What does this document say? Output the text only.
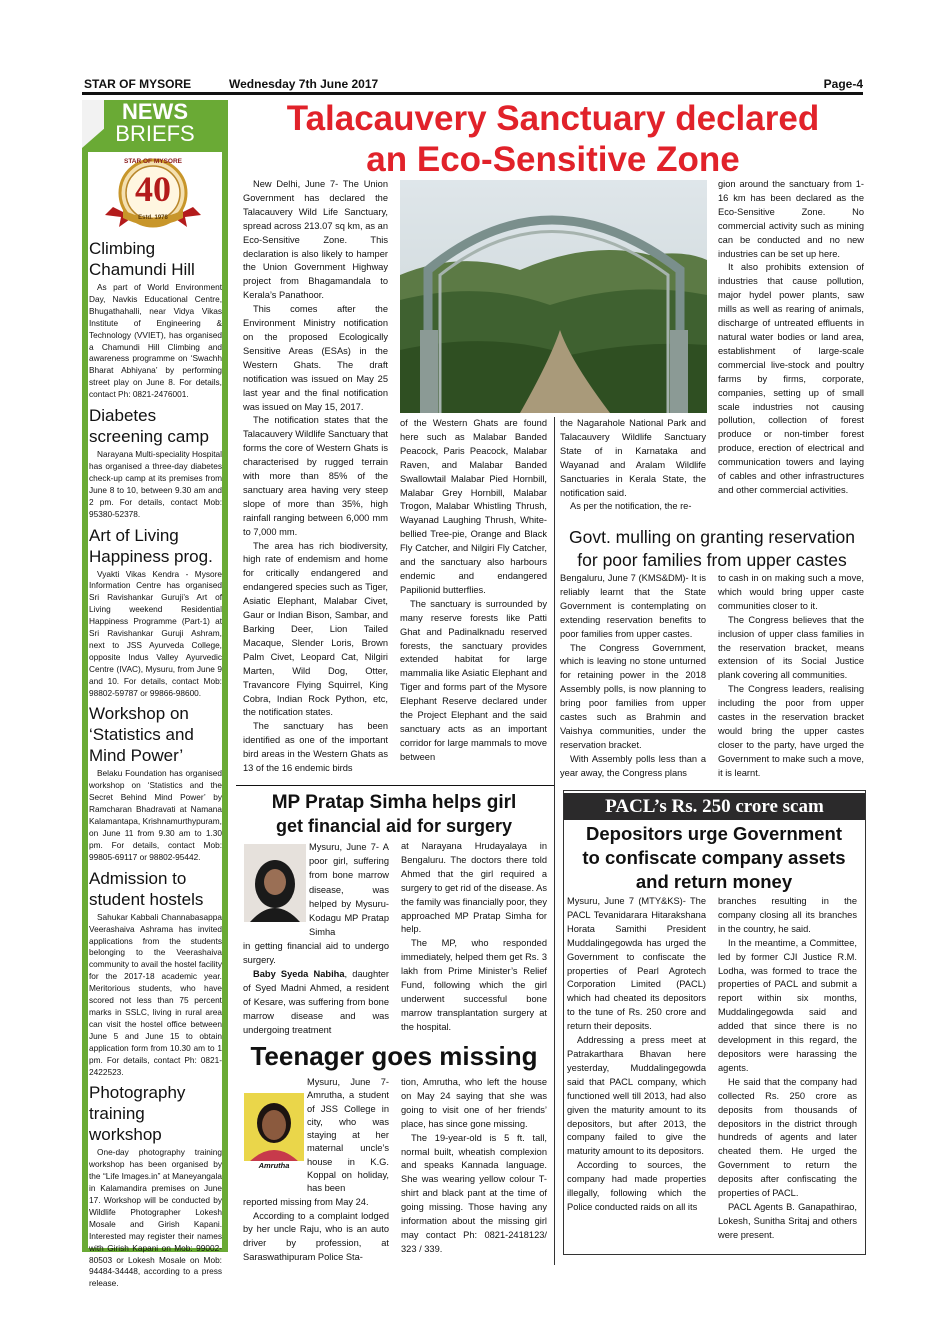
STAR OF MYSORE	Wednesday 7th June 2017	Page-4
NEWS
BRIEFS
STAR OF MYSORE
40
Estd. 1978
Climbing Chamundi Hill

As part of World Environment Day, Navkis Educational Centre, Bhugathahalli, near Vidya Vikas Institute of Engineering & Technology (VVIET), has organised a Chamundi Hill Climbing and awareness programme on ‘Swachh Bharat Abhiyana’ by performing street play on June 8. For details, contact Ph: 0821-2476001.

Diabetes screening camp

Narayana Multi-speciality Hospital has organised a three-day diabetes check-up camp at its premises from June 8 to 10, between 9.30 am and 2 pm. For details, contact Mob: 95380-52378.

Art of Living Happiness prog.

Vyakti Vikas Kendra - Mysore Information Centre has organised Sri Ravishankar Guruji’s Art of Living weekend Residential Happiness Programme (Part-1) at Sri Ravishankar Guruji Ashram, next to JSS Ayurveda College, opposite Indus Valley Ayurvedic Centre (IVAC), Mysuru, from June 9 and 10. For details, contact Mob: 98802-59787 or 99866-98600.

Workshop on ‘Statistics and Mind Power’

Belaku Foundation has organised workshop on ‘Statistics and the Secret Behind Mind Power’ by Ramcharan Bhadravati at Namana Kalamantapa, Krishnamurthypuram, on June 11 from 9.30 am to 1.30 pm. For details, contact Mob: 99805-69117 or 98802-95442.

Admission to student hostels

Sahukar Kabbali Channabasappa Veerashaiva Ashrama has invited applications from the students belonging to the Veerashaiva community to avail the hostel facility for the 2017-18 academic year. Meritorious students, who have scored not less than 75 percent marks in SSLC, living in rural area can visit the hostel office between June 5 and June 15 to obtain application form from 10.30 am to 1 pm. For details, contact Ph: 0821-2422523.

Photography training workshop

One-day photography training workshop has been organised by the “Life Images.in” at Maneyangala in Kalamandira premises on June 17. Workshop will be conducted by Wildlife Photographer Lokesh Mosale and Girish Kapani. Interested may register their names with Girish Kapani on Mob: 99002-80503 or Lokesh Mosale on Mob: 94484-34448, according to a press release.

Talacauvery Sanctuary declared
an Eco-Sensitive Zone

New Delhi, June 7- The Union Government has declared the Talacauvery Wild Life Sanctuary, spread across 213.07 sq km, as an Eco-Sensitive Zone. This declaration is also likely to hamper the Union Government Highway project from Bhagamandala to Kerala’s Panathoor.

This comes after the Environment Ministry notification on the proposed Ecologically Sensitive Areas (ESAs) in the Western Ghats. The draft notification was issued on May 25 last year and the final notification was issued on May 15, 2017.

The notification states that the Talacauvery Wildlife Sanctuary that forms the core of Western Ghats is characterised by rugged terrain with more than 85% of the sanctuary area having very steep slope of more than 35%, high rainfall ranging between 6,000 mm to 7,000 mm.

The area has rich biodiversity, high rate of endemism and home for critically endangered and endangered species such as Tiger, Asiatic Elephant, Malabar Civet, Gaur or Indian Bison, Sambar, and Barking Deer, Lion Tailed Macaque, Slender Loris, Brown Palm Civet, Leopard Cat, Nilgiri Marten, Wild Dog, Otter, Travancore Flying Squirrel, King Cobra, Indian Rock Python, etc, the notification states.

The sanctuary has been identified as one of the important bird areas in the Western Ghats as 13 of the 16 endemic birds

of the Western Ghats are found here such as Malabar Banded Peacock, Paris Peacock, Malabar Raven, and Malabar Banded Swallowtail Malabar Pied Hornbill, Malabar Grey Hornbill, Malabar Trogon, Malabar Whistling Thrush, Wayanad Laughing Thrush, White-bellied Tree-pie, Orange and Black Fly Catcher, and Nilgiri Fly Catcher, and the sanctuary also harbours endemic and endangered Papilionid butterflies.

The sanctuary is surrounded by many reserve forests like Patti Ghat and Padinalknadu reserved forests, the sanctuary provides extended habitat for large mammalia like Asiatic Elephant and Tiger and forms part of the Mysore Elephant Reserve declared under the Project Elephant and the said sanctuary acts as an important corridor for large mammals to move between

the Nagarahole National Park and Talacauvery Wildlife Sanctuary State of in Karnataka and Wayanad and Aralam Wildlife Sanctuaries in Kerala State, the notification said.

As per the notification, the re-

gion around the sanctuary from 1-16 km has been declared as the Eco-Sensitive Zone. No commercial activity such as mining can be conducted and no new industries can be set up here.

It also prohibits extension of industries that cause pollution, major hydel power plants, saw mills as well as rearing of animals, discharge of untreated effluents in natural water bodies or land area, establishment of large-scale commercial live-stock and poultry farms by firms, corporate, companies, setting up of small scale industries not causing pollution, collection of forest produce or non-timber forest produce, erection of electrical and communication towers and laying of cables and other infrastructures and other commercial activities.

Govt. mulling on granting reservation
for poor families from upper castes

Bengaluru, June 7 (KMS&DM)- It is reliably learnt that the State Government is contemplating on extending reservation benefits to poor families from upper castes.

The Congress Government, which is leaving no stone unturned for retaining power in the 2018 Assembly polls, is now planning to bring poor families from upper castes such as Brahmin and Vaishya communities, under the reservation bracket.

With Assembly polls less than a year away, the Congress plans

to cash in on making such a move, which would bring upper caste communities closer to it.

The Congress believes that the inclusion of upper class families in the reservation bracket, means extension of its Social Justice plank covering all communities.

The Congress leaders, realising including the poor from upper castes in the reservation bracket would bring the upper castes closer to the party, have urged the Government to make such a move, it is learnt.

MP Pratap Simha helps girl
get financial aid for surgery

Mysuru, June 7- A poor girl, suffering from bone marrow disease, was helped by Mysuru-Kodagu MP Pratap Simha

in getting financial aid to undergo surgery.

Baby Syeda Nabiha, daughter of Syed Madni Ahmed, a resident of Kesare, was suffering from bone marrow disease and was undergoing treatment

at Narayana Hrudayalaya in Bengaluru. The doctors there told Ahmed that the girl required a surgery to get rid of the disease. As the family was financially poor, they approached MP Pratap Simha for help.

The MP, who responded immediately, helped them get Rs. 3 lakh from Prime Minister’s Relief Fund, following which the girl underwent successful bone marrow transplantation surgery at the hospital.

Teenager goes missing
Amrutha

Mysuru, June 7- Amrutha, a student of JSS College in city, who was staying at her maternal uncle’s house in K.G. Koppal on holiday, has been

reported missing from May 24.

According to a complaint lodged by her uncle Raju, who is an auto driver by profession, at Saraswathipuram Police Sta-

tion, Amrutha, who left the house on May 24 saying that she was going to visit one of her friends’ place, has since gone missing.

The 19-year-old is 5 ft. tall, normal built, wheatish complexion and speaks Kannada language. She was wearing yellow colour T-shirt and black pant at the time of going missing. Those having any information about the missing girl may contact Ph: 0821-2418123/ 323 / 339.

PACL’s Rs. 250 crore scam
Depositors urge Government
to confiscate company assets
and return money

Mysuru, June 7 (MTY&KS)- The PACL Tevanidarara Hitarakshana Horata Samithi President Muddalingegowda has urged the Government to confiscate the properties of Pearl Agrotech Corporation Limited (PACL) which had cheated its depositors to the tune of Rs. 250 crore and return their deposits.

Addressing a press meet at Patrakarthara Bhavan here yesterday, Muddalingegowda said that PACL company, which functioned well till 2013, had also given the maturity amount to its depositors, but after 2013, the company failed to give the maturity amount to its depositors.

According to sources, the company had made properties illegally, following which the Police conducted raids on all its

branches resulting in the company closing all its branches in the country, he said.

In the meantime, a Committee, led by former CJI Justice R.M. Lodha, was formed to trace the properties of PACL and submit a report within six months, Muddalingegowda said and added that since there is no development in this regard, the depositors were harassing the agents.

He said that the company had collected Rs. 250 crore as deposits from thousands of depositors in the district through hundreds of agents and later cheated them. He urged the Government to return the deposits after confiscating the properties of PACL.

PACL Agents B. Ganapathirao, Lokesh, Sunitha Sritaj and others were present.
